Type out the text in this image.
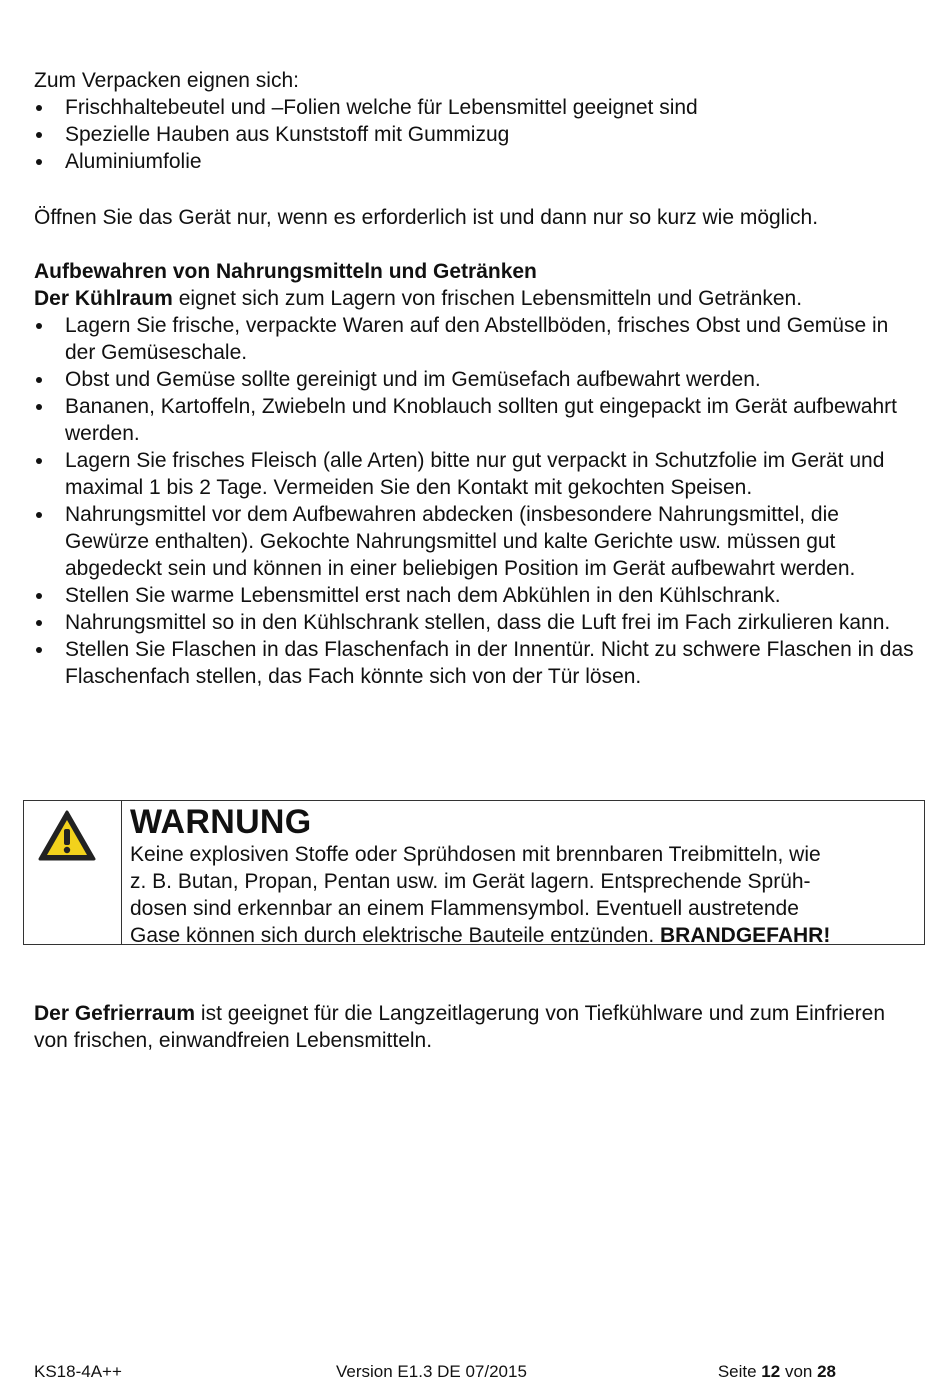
Zum Verpacken eignen sich:
Frischhaltebeutel und –Folien welche für Lebensmittel geeignet sind
Spezielle Hauben aus Kunststoff mit Gummizug
Aluminiumfolie
Öffnen Sie das Gerät nur, wenn es erforderlich ist und dann nur so kurz wie möglich.
Aufbewahren von Nahrungsmitteln und Getränken
Der Kühlraum eignet sich zum Lagern von frischen Lebensmitteln und Getränken.
Lagern Sie frische, verpackte Waren auf den Abstellböden, frisches Obst und Gemüse in der Gemüseschale.
Obst und Gemüse sollte gereinigt und im Gemüsefach aufbewahrt werden.
Bananen, Kartoffeln, Zwiebeln und Knoblauch sollten gut eingepackt im Gerät aufbewahrt werden.
Lagern Sie frisches Fleisch (alle Arten) bitte nur gut verpackt in Schutzfolie im Gerät und maximal 1 bis 2 Tage. Vermeiden Sie den Kontakt mit gekochten Speisen.
Nahrungsmittel vor dem Aufbewahren abdecken (insbesondere Nahrungsmittel, die Gewürze enthalten). Gekochte Nahrungsmittel und kalte Gerichte usw. müssen gut abgedeckt sein und können in einer beliebigen Position im Gerät aufbewahrt werden.
Stellen Sie warme Lebensmittel erst nach dem Abkühlen in den Kühlschrank.
Nahrungsmittel so in den Kühlschrank stellen, dass die Luft frei im Fach zirkulieren kann.
Stellen Sie Flaschen in das Flaschenfach in der Innentür. Nicht zu schwere Flaschen in das Flaschenfach stellen, das Fach könnte sich von der Tür lösen.
WARNUNG
Keine explosiven Stoffe oder Sprühdosen mit brennbaren Treibmitteln, wie
z. B. Butan, Propan, Pentan usw. im Gerät lagern. Entsprechende Sprüh-
dosen sind erkennbar an einem Flammensymbol. Eventuell austretende
Gase können sich durch elektrische Bauteile entzünden. BRANDGEFAHR!
Der Gefrierraum ist geeignet für die Langzeitlagerung von Tiefkühlware und zum Einfrieren von frischen, einwandfreien Lebensmitteln.
KS18-4A++	Version E1.3 DE 07/2015	Seite 12 von 28
